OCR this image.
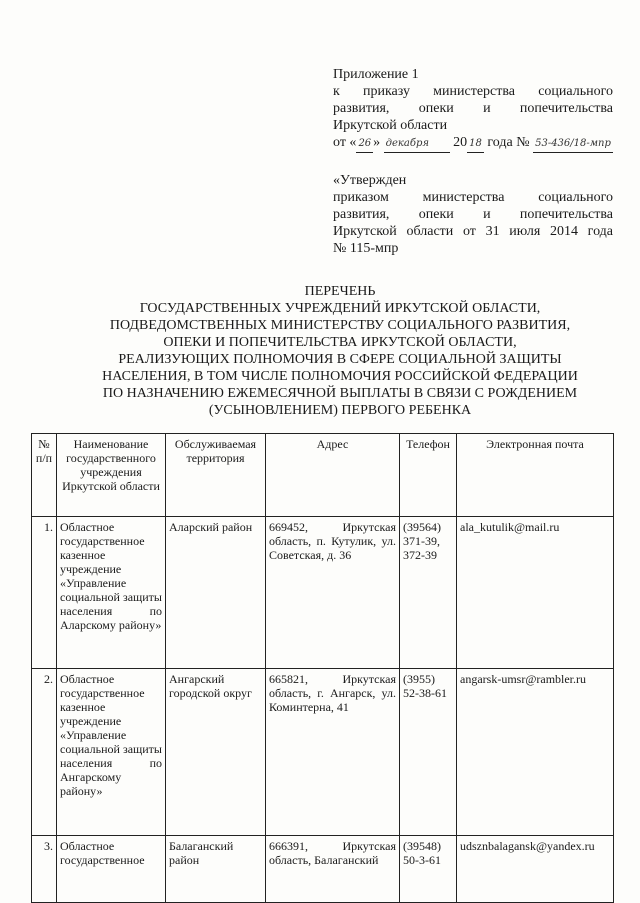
Приложение 1
к приказу министерства социального
развития, опеки и попечительства
Иркутской области
от « 26 » декабря 20 18 года № 53-436/18-мпр
«Утвержден
приказом министерства социального
развития, опеки и попечительства
Иркутской области от 31 июля 2014 года
№ 115-мпр
ПЕРЕЧЕНЬ
ГОСУДАРСТВЕННЫХ УЧРЕЖДЕНИЙ ИРКУТСКОЙ ОБЛАСТИ,
ПОДВЕДОМСТВЕННЫХ МИНИСТЕРСТВУ СОЦИАЛЬНОГО РАЗВИТИЯ,
ОПЕКИ И ПОПЕЧИТЕЛЬСТВА ИРКУТСКОЙ ОБЛАСТИ,
РЕАЛИЗУЮЩИХ ПОЛНОМОЧИЯ В СФЕРЕ СОЦИАЛЬНОЙ ЗАЩИТЫ
НАСЕЛЕНИЯ, В ТОМ ЧИСЛЕ ПОЛНОМОЧИЯ РОССИЙСКОЙ ФЕДЕРАЦИИ
ПО НАЗНАЧЕНИЮ ЕЖЕМЕСЯЧНОЙ ВЫПЛАТЫ В СВЯЗИ С РОЖДЕНИЕМ
(УСЫНОВЛЕНИЕМ) ПЕРВОГО РЕБЕНКА
№ п/п	Наименование государственного учреждения Иркутской области	Обслуживаемая территория	Адрес	Телефон	Электронная почта
1.	Областное государственное казенное учреждение «Управление социальной защиты населения по Аларскому району»	Аларский район	669452, Иркутская область, п. Кутулик, ул. Советская, д. 36	(39564) 371-39, 372-39	ala_kutulik@mail.ru
2.	Областное государственное казенное учреждение «Управление социальной защиты населения по Ангарскому району»	Ангарский городской округ	665821, Иркутская область, г. Ангарск, ул. Коминтерна, 41	(3955) 52-38-61	angarsk-umsr@rambler.ru
3.	Областное государственное	Балаганский район	666391, Иркутская область, Балаганский	(39548) 50-3-61	udsznbalagansk@yandex.ru
